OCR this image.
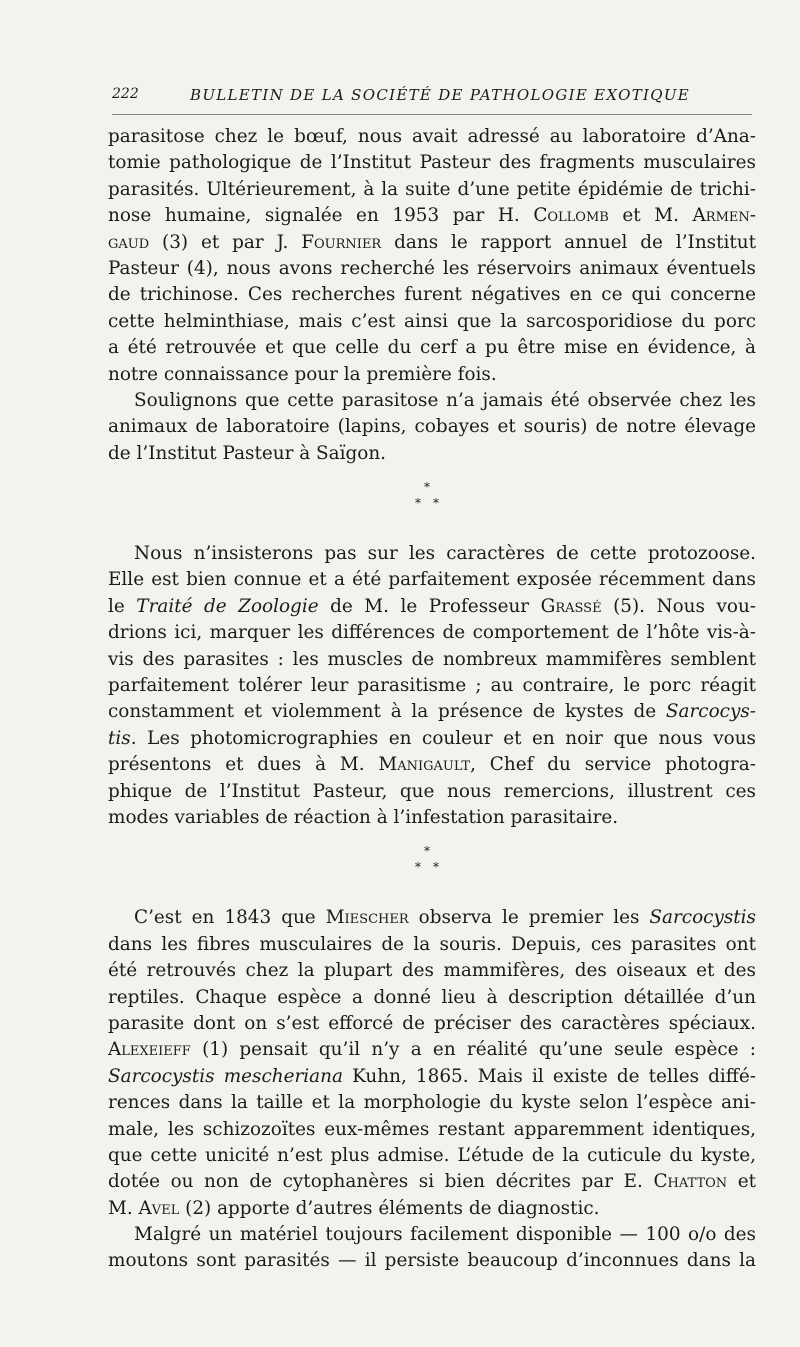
222	BULLETIN DE LA SOCIÉTÉ DE PATHOLOGIE EXOTIQUE
parasitose chez le bœuf, nous avait adressé au laboratoire d’Ana-
tomie pathologique de l’Institut Pasteur des fragments musculaires
parasités. Ultérieurement, à la suite d’une petite épidémie de trichi-
nose humaine, signalée en 1953 par H. Collomb et M. Armen-
gaud (3) et par J. Fournier dans le rapport annuel de l’Institut
Pasteur (4), nous avons recherché les réservoirs animaux éventuels
de trichinose. Ces recherches furent négatives en ce qui concerne
cette helminthiase, mais c’est ainsi que la sarcosporidiose du porc
a été retrouvée et que celle du cerf a pu être mise en évidence, à
notre connaissance pour la première fois.
Soulignons que cette parasitose n’a jamais été observée chez les
animaux de laboratoire (lapins, cobayes et souris) de notre élevage
de l’Institut Pasteur à Saïgon.
*
* *
Nous n’insisterons pas sur les caractères de cette protozoose.
Elle est bien connue et a été parfaitement exposée récemment dans
le Traité de Zoologie de M. le Professeur Grassé (5). Nous vou-
drions ici, marquer les différences de comportement de l’hôte vis-à-
vis des parasites : les muscles de nombreux mammifères semblent
parfaitement tolérer leur parasitisme ; au contraire, le porc réagit
constamment et violemment à la présence de kystes de Sarcocys-
tis. Les photomicrographies en couleur et en noir que nous vous
présentons et dues à M. Manigault, Chef du service photogra-
phique de l’Institut Pasteur, que nous remercions, illustrent ces
modes variables de réaction à l’infestation parasitaire.
*
* *
C’est en 1843 que Miescher observa le premier les Sarcocystis
dans les fibres musculaires de la souris. Depuis, ces parasites ont
été retrouvés chez la plupart des mammifères, des oiseaux et des
reptiles. Chaque espèce a donné lieu à description détaillée d’un
parasite dont on s’est efforcé de préciser des caractères spéciaux.
Alexeieff (1) pensait qu’il n’y a en réalité qu’une seule espèce :
Sarcocystis mescheriana Kuhn, 1865. Mais il existe de telles diffé-
rences dans la taille et la morphologie du kyste selon l’espèce ani-
male, les schizozoïtes eux-mêmes restant apparemment identiques,
que cette unicité n’est plus admise. L’étude de la cuticule du kyste,
dotée ou non de cytophanères si bien décrites par E. Chatton et
M. Avel (2) apporte d’autres éléments de diagnostic.
Malgré un matériel toujours facilement disponible — 100 o/o des
moutons sont parasités — il persiste beaucoup d’inconnues dans la
